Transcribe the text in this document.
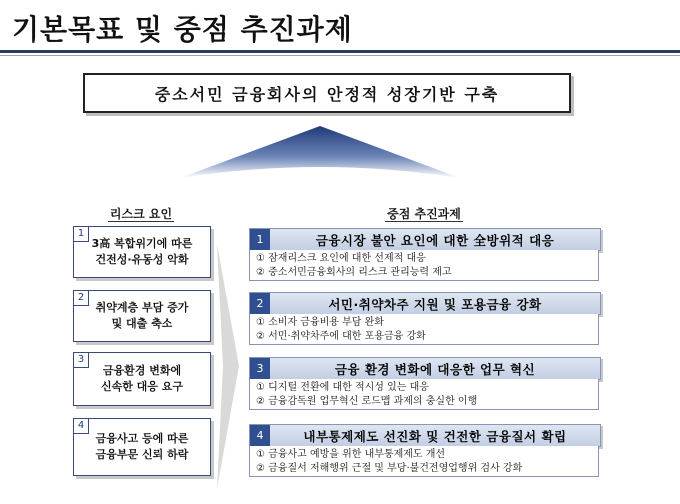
기본목표 및 중점 추진과제
중소서민 금융회사의 안정적 성장기반 구축
리스크 요인	중점 추진과제
1
3高 복합위기에 따른
건전성·유동성 악화
2
취약계층 부담 증가
및 대출 축소
3
금융환경 변화에
신속한 대응 요구
4
금융사고 등에 따른
금융부문 신뢰 하락
1	금융시장 불안 요인에 대한 全방위적 대응
① 잠재리스크 요인에 대한 선제적 대응
② 중소서민금융회사의 리스크 관리능력 제고
2	서민·취약차주 지원 및 포용금융 강화
① 소비자 금융비용 부담 완화
② 서민·취약차주에 대한 포용금융 강화
3	금융 환경 변화에 대응한 업무 혁신
① 디지털 전환에 대한 적시성 있는 대응
② 금융감독원 업무혁신 로드맵 과제의 충실한 이행
4	내부통제제도 선진화 및 건전한 금융질서 확립
① 금융사고 예방을 위한 내부통제제도 개선
② 금융질서 저해행위 근절 및 부당·불건전영업행위 검사 강화
